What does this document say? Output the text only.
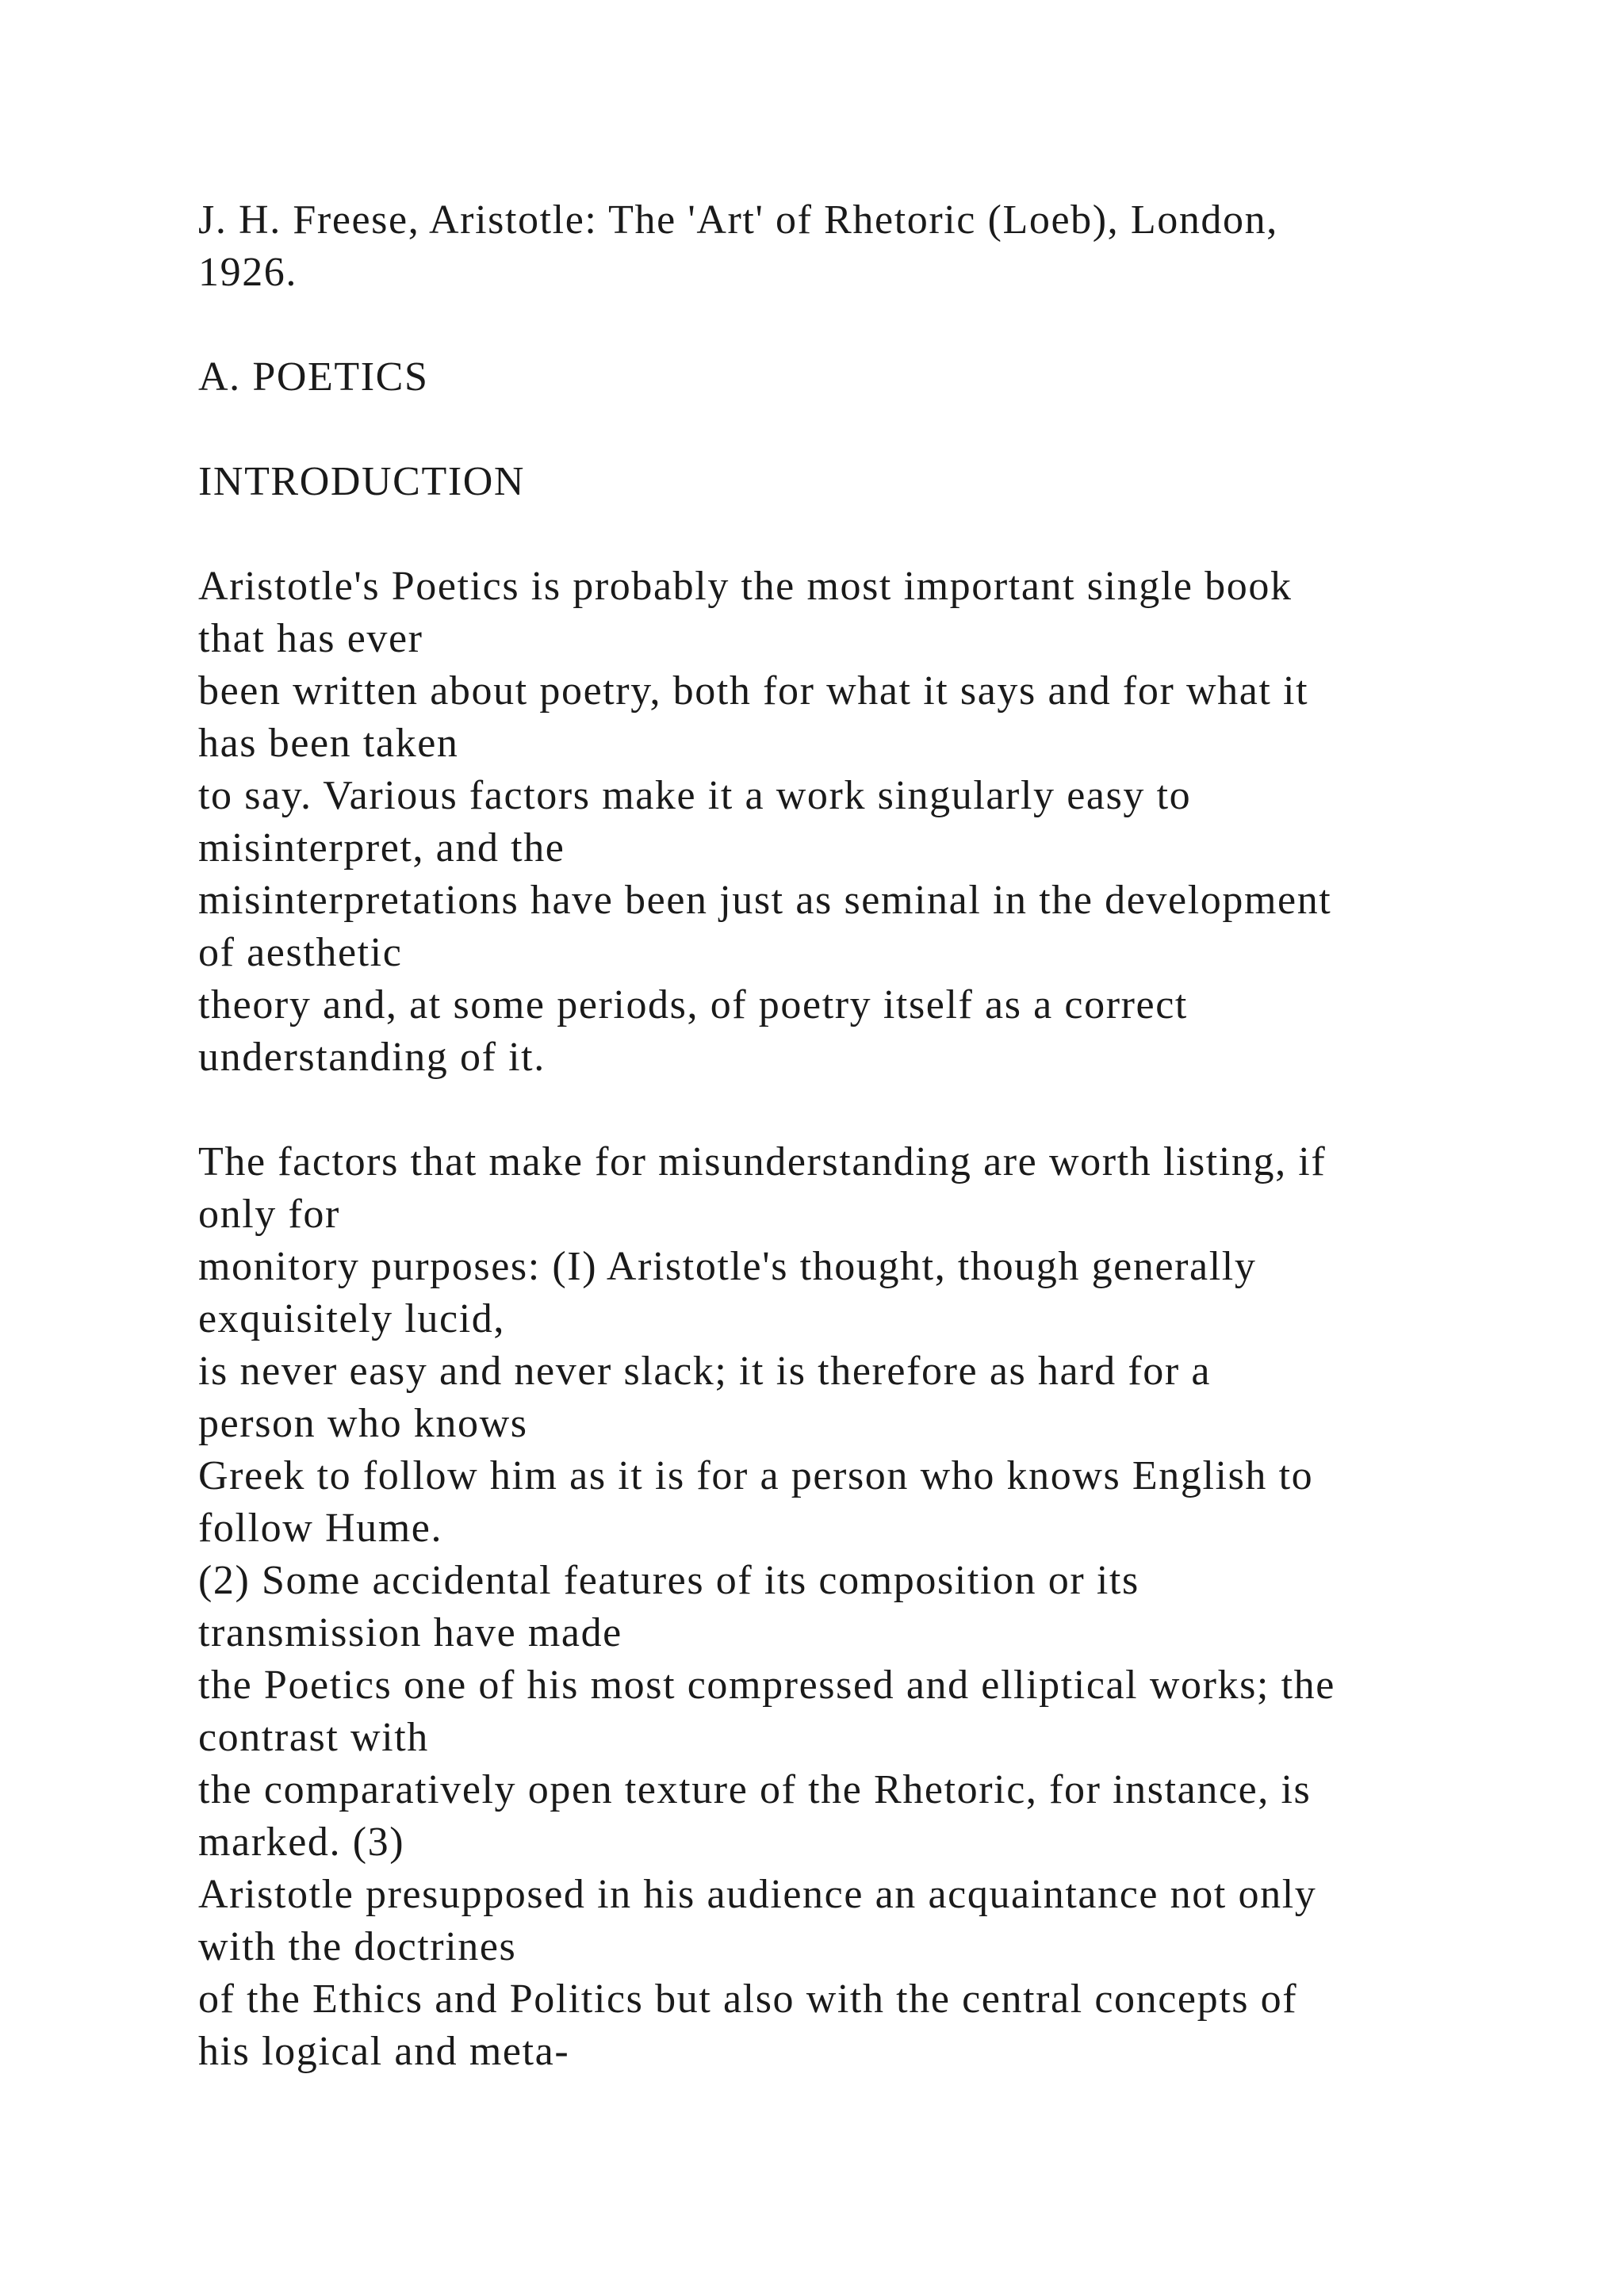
J. H. Freese, Aristotle: The 'Art' of Rhetoric (Loeb), London,
1926.
A. POETICS
INTRODUCTION
Aristotle's Poetics is probably the most important single book
that has ever
been written about poetry, both for what it says and for what it
has been taken
to say. Various factors make it a work singularly easy to
misinterpret, and the
misinterpretations have been just as seminal in the development
of aesthetic
theory and, at some periods, of poetry itself as a correct
understanding of it.
The factors that make for misunderstanding are worth listing, if
only for
monitory purposes: (I) Aristotle's thought, though generally
exquisitely lucid,
is never easy and never slack; it is therefore as hard for a
person who knows
Greek to follow him as it is for a person who knows English to
follow Hume.
(2) Some accidental features of its composition or its
transmission have made
the Poetics one of his most compressed and elliptical works; the
contrast with
the comparatively open texture of the Rhetoric, for instance, is
marked. (3)
Aristotle presupposed in his audience an acquaintance not only
with the doctrines
of the Ethics and Politics but also with the central concepts of
his logical and meta-
